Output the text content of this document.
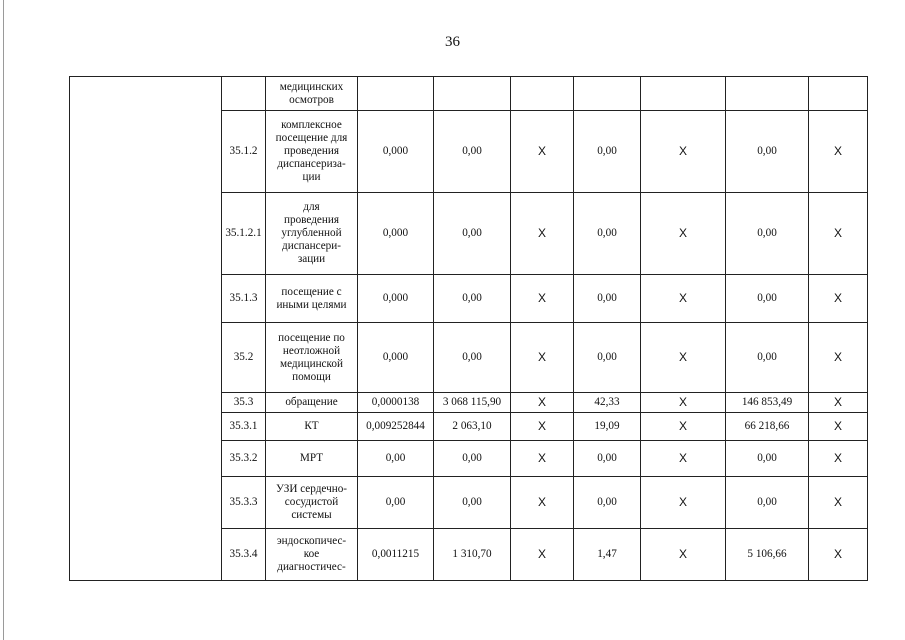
36
		медицинских
осмотров							
	35.1.2	комплексное
посещение для
проведения
диспансериза-
ции	0,000	0,00	X	0,00	X	0,00	X
	35.1.2.1	для
проведения
углубленной
диспансери-
зации	0,000	0,00	X	0,00	X	0,00	X
	35.1.3	посещение с
иными целями	0,000	0,00	X	0,00	X	0,00	X
	35.2	посещение по
неотложной
медицинской
помощи	0,000	0,00	X	0,00	X	0,00	X
	35.3	обращение	0,0000138	3 068 115,90	X	42,33	X	146 853,49	X
	35.3.1	КТ	0,009252844	2 063,10	X	19,09	X	66 218,66	X
	35.3.2	МРТ	0,00	0,00	X	0,00	X	0,00	X
	35.3.3	УЗИ сердечно-
сосудистой
системы	0,00	0,00	X	0,00	X	0,00	X
	35.3.4	эндоскопичес-
кое
диагностичес-	0,0011215	1 310,70	X	1,47	X	5 106,66	X
